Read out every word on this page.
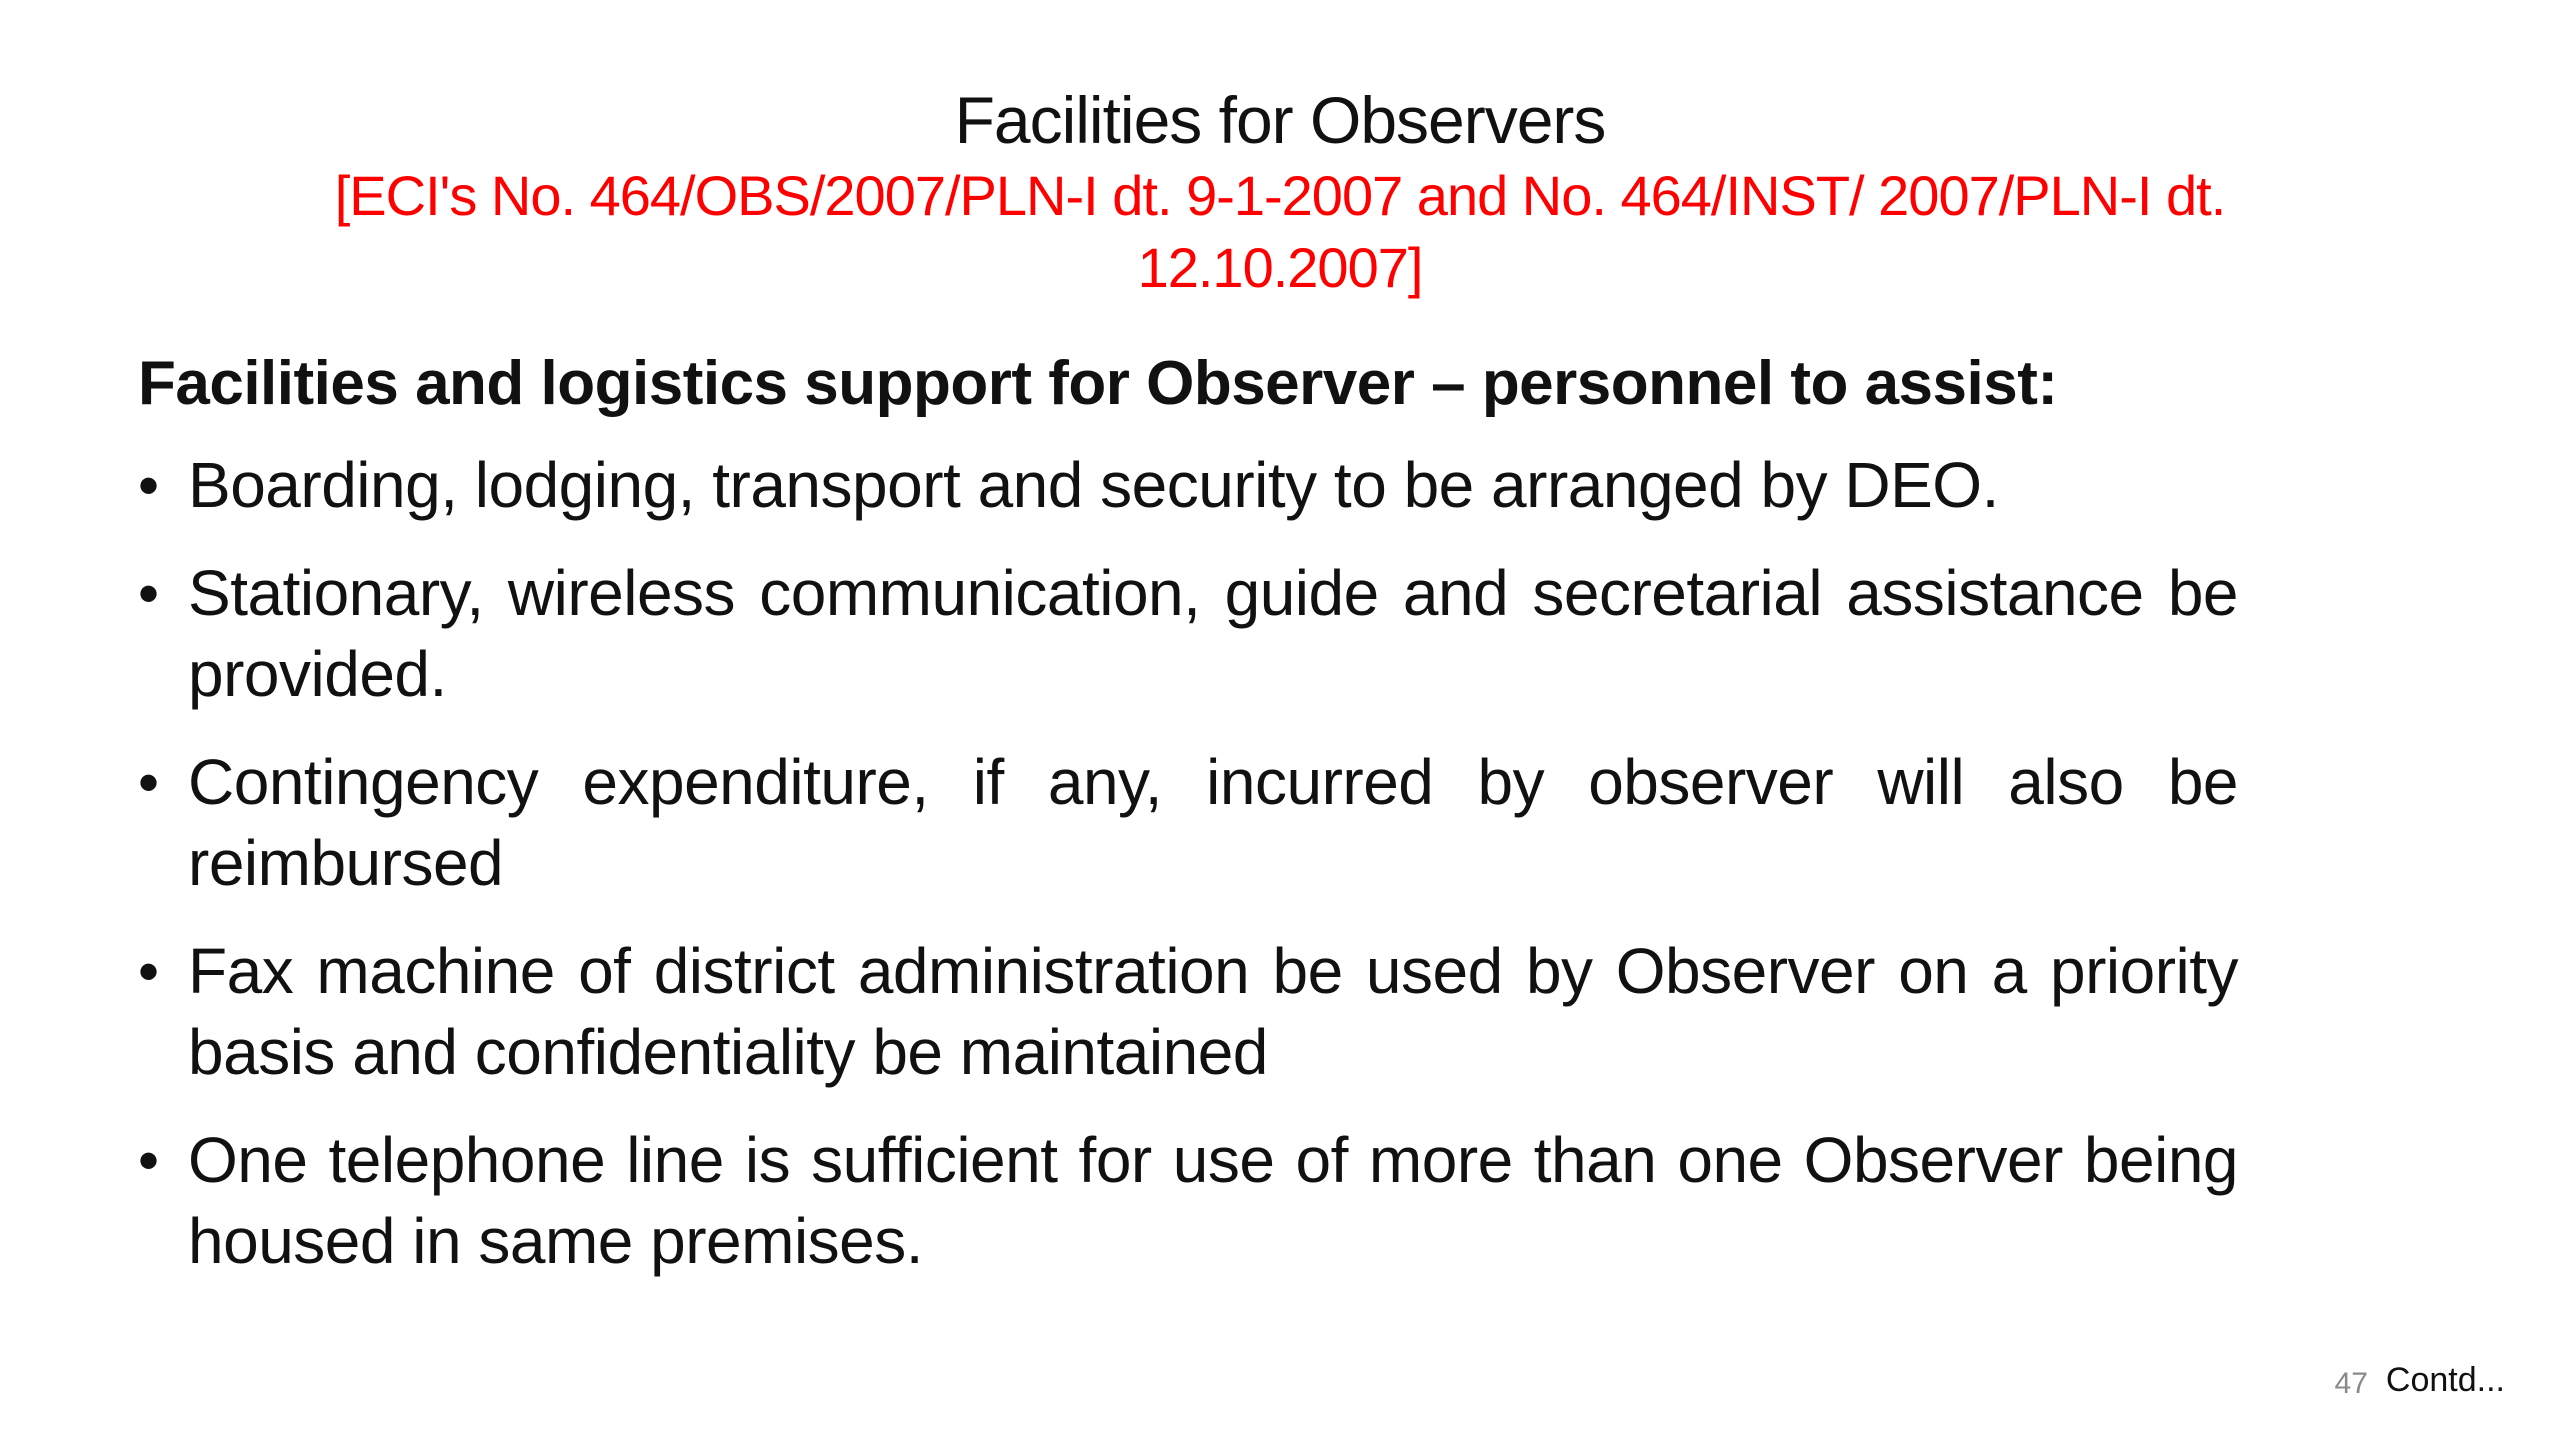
Facilities for Observers
[ECI's No. 464/OBS/2007/PLN-I dt. 9-1-2007 and No. 464/INST/ 2007/PLN-I dt. 12.10.2007]
Facilities and logistics support for Observer – personnel to assist:
• Boarding, lodging, transport and security to be arranged by DEO.
• Stationary, wireless communication, guide and secretarial assistance be provided.
• Contingency expenditure, if any, incurred by observer will also be reimbursed
• Fax machine of district administration be used by Observer on a priority basis and confidentiality be maintained
• One telephone line is sufficient for use of more than one Observer being housed in same premises.
47 Contd...
